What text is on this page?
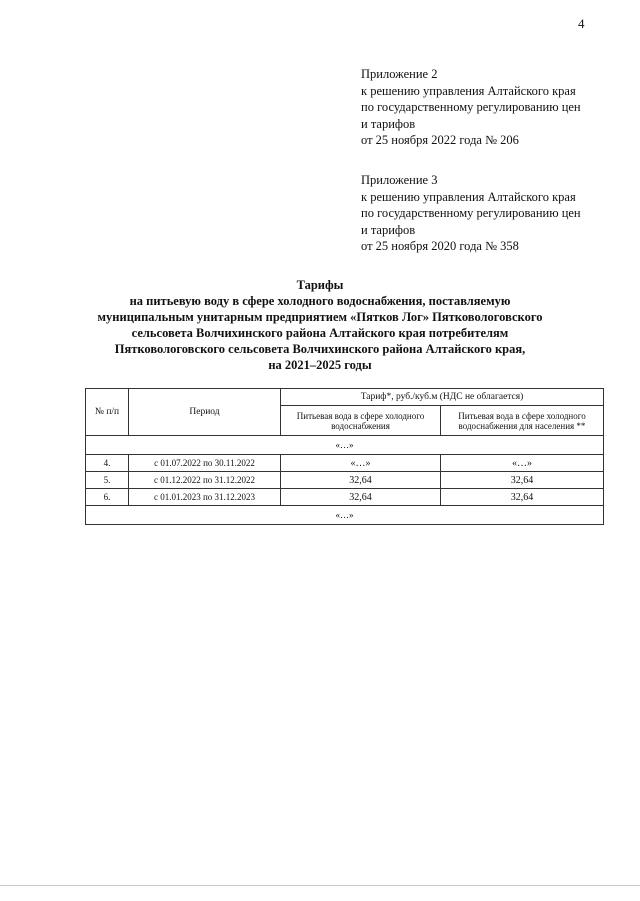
4
Приложение 2
к решению управления Алтайского края
по государственному регулированию цен
и тарифов
от 25 ноября 2022 года № 206
Приложение 3
к решению управления Алтайского края
по государственному регулированию цен
и тарифов
от 25 ноября 2020 года № 358
Тарифы
на питьевую воду в сфере холодного водоснабжения, поставляемую
муниципальным унитарным предприятием «Пятков Лог» Пятковологовского
сельсовета Волчихинского района Алтайского края потребителям
Пятковологовского сельсовета Волчихинского района Алтайского края,
на 2021–2025 годы
№ п/п	Период	Тариф*, руб./куб.м (НДС не облагается)	
		Питьевая вода в сфере холодного водоснабжения	Питьевая вода в сфере холодного водоснабжения для населения **
«…»			
4.	с 01.07.2022 по 30.11.2022	«…»	«…»
5.	с 01.12.2022 по 31.12.2022	32,64	32,64
6.	с 01.01.2023 по 31.12.2023	32,64	32,64
«…»			
